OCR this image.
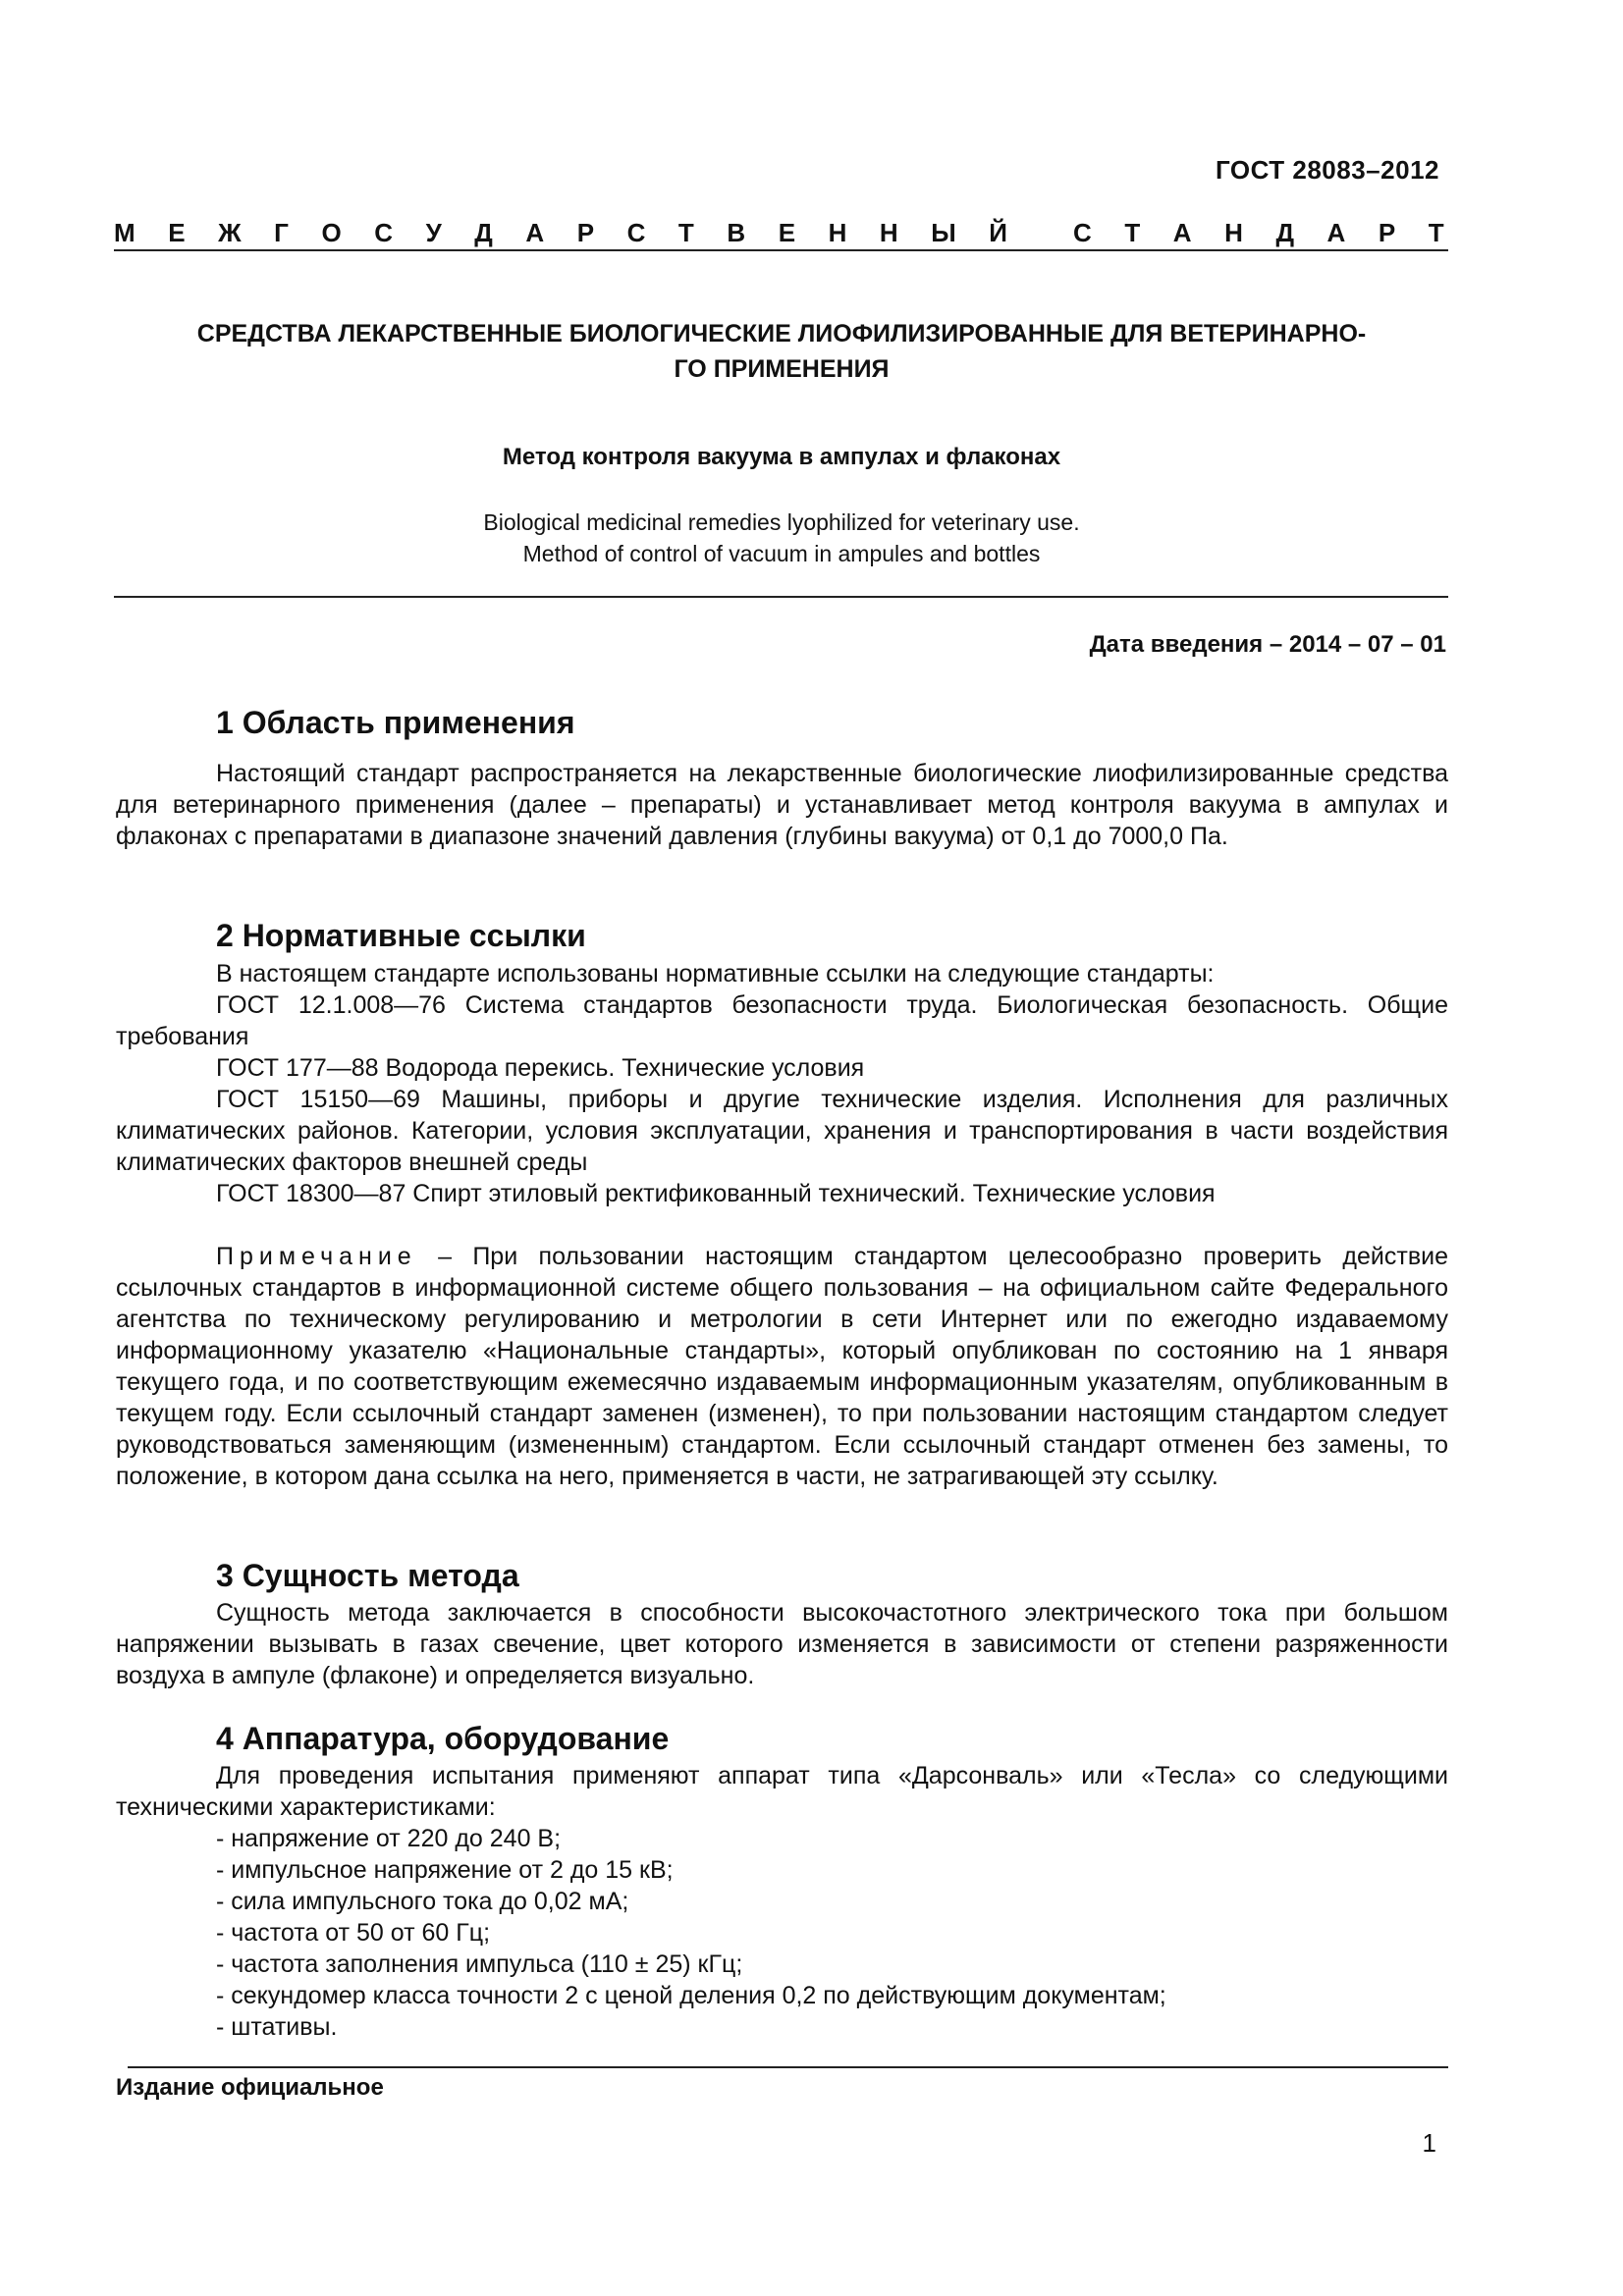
ГОСТ 28083–2012
М Е Ж Г О С У Д А Р С Т В Е Н Н Ы Й	С Т А Н Д А Р Т
СРЕДСТВА ЛЕКАРСТВЕННЫЕ БИОЛОГИЧЕСКИЕ ЛИОФИЛИЗИРОВАННЫЕ ДЛЯ ВЕТЕРИНАРНО-
ГО ПРИМЕНЕНИЯ
Метод контроля вакуума в ампулах и флаконах
Biological medicinal remedies lyophilized for veterinary use.
Method of control of vacuum in ampules and bottles
Дата введения – 2014 – 07 – 01
1 Область применения
Настоящий стандарт распространяется на лекарственные биологические лиофилизированные средства для ветеринарного применения (далее – препараты) и устанавливает метод контроля вакуума в ампулах и флаконах с препаратами в диапазоне значений давления (глубины вакуума) от 0,1 до 7000,0 Па.
2 Нормативные ссылки
В настоящем стандарте использованы нормативные ссылки на следующие стандарты:
ГОСТ 12.1.008—76 Система стандартов безопасности труда. Биологическая безопасность. Общие требования
ГОСТ 177—88 Водорода перекись. Технические условия
ГОСТ 15150—69 Машины, приборы и другие технические изделия. Исполнения для различных климатических районов. Категории, условия эксплуатации, хранения и транспортирования в части воздействия климатических факторов внешней среды
ГОСТ 18300—87 Спирт этиловый ректификованный технический. Технические условия
Примечание – При пользовании настоящим стандартом целесообразно проверить действие ссылочных стандартов в информационной системе общего пользования – на официальном сайте Федерального агентства по техническому регулированию и метрологии в сети Интернет или по ежегодно издаваемому информационному указателю «Национальные стандарты», который опубликован по состоянию на 1 января текущего года, и по соответствующим ежемесячно издаваемым информационным указателям, опубликованным в текущем году. Если ссылочный стандарт заменен (изменен), то при пользовании настоящим стандартом следует руководствоваться заменяющим (измененным) стандартом. Если ссылочный стандарт отменен без замены, то положение, в котором дана ссылка на него, применяется в части, не затрагивающей эту ссылку.
3 Сущность метода
Сущность метода заключается в способности высокочастотного электрического тока при большом напряжении вызывать в газах свечение, цвет которого изменяется в зависимости от степени разряженности воздуха в ампуле (флаконе) и определяется визуально.
4 Аппаратура, оборудование
Для проведения испытания применяют аппарат типа «Дарсонваль» или «Тесла» со следующими техническими характеристиками:
- напряжение от 220 до 240 В;
- импульсное напряжение от 2 до 15 кВ;
- сила импульсного тока до 0,02 мА;
- частота от 50 от 60 Гц;
- частота заполнения импульса (110 ± 25) кГц;
- секундомер класса точности 2 с ценой деления 0,2 по действующим документам;
- штативы.
Издание официальное
1
